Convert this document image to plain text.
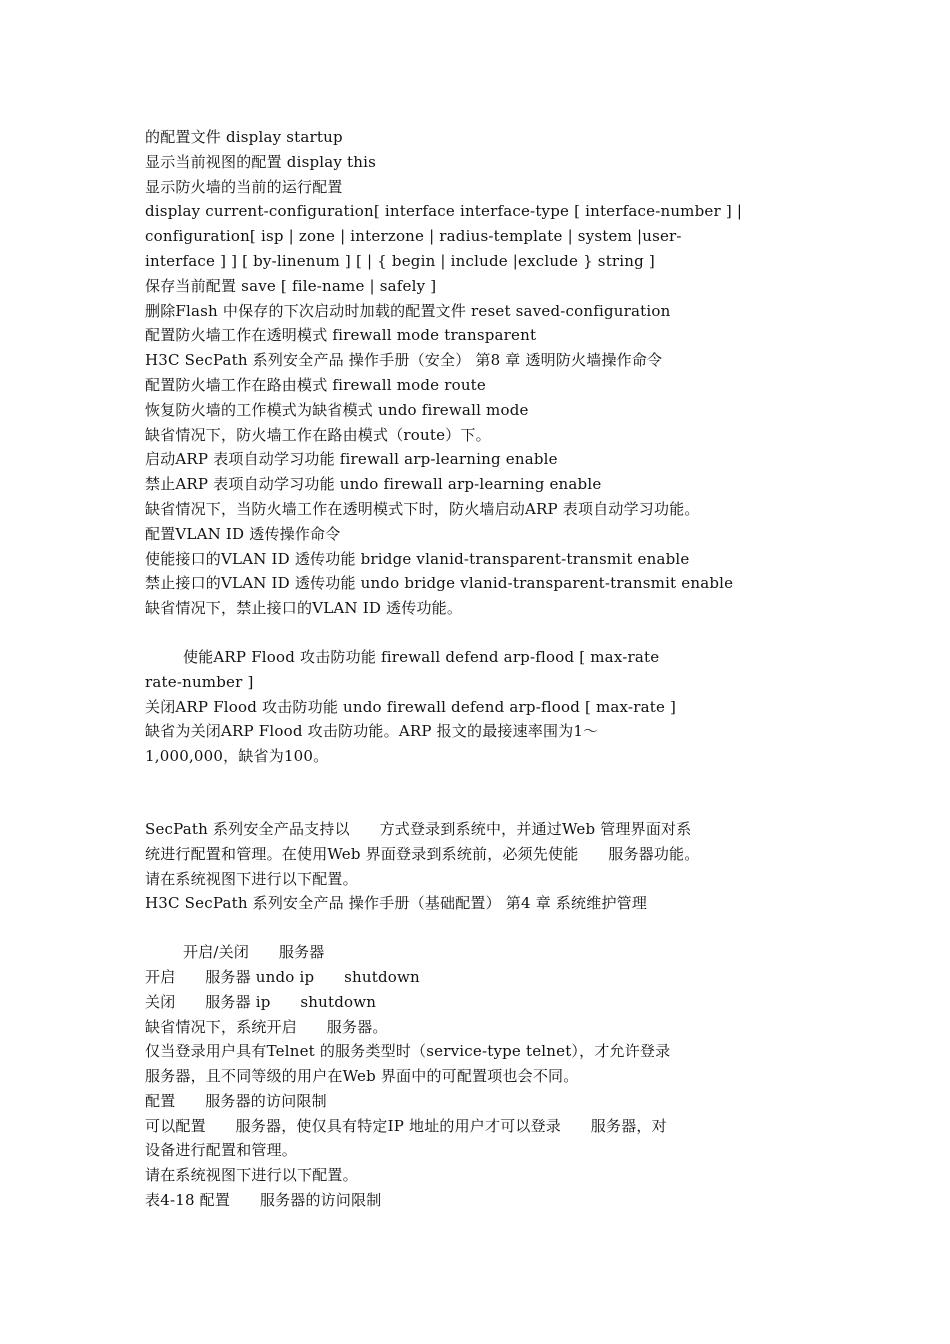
的配置文件 display startup
显示当前视图的配置 display this
显示防火墙的当前的运行配置
display current-configuration[ interface interface-type [ interface-number ] |
configuration[ isp | zone | interzone | radius-template | system |user-
interface ] ] [ by-linenum ] [ | { begin | include |exclude } string ]
保存当前配置 save [ file-name | safely ]
删除Flash 中保存的下次启动时加载的配置文件 reset saved-configuration
配置防火墙工作在透明模式 firewall mode transparent
H3C SecPath 系列安全产品 操作手册（安全） 第8 章 透明防火墙操作命令
配置防火墙工作在路由模式 firewall mode route
恢复防火墙的工作模式为缺省模式 undo firewall mode
缺省情况下，防火墙工作在路由模式（route）下。
启动ARP 表项自动学习功能 firewall arp-learning enable
禁止ARP 表项自动学习功能 undo firewall arp-learning enable
缺省情况下，当防火墙工作在透明模式下时，防火墙启动ARP 表项自动学习功能。
配置VLAN ID 透传操作命令
使能接口的VLAN ID 透传功能 bridge vlanid-transparent-transmit enable
禁止接口的VLAN ID 透传功能 undo bridge vlanid-transparent-transmit enable
缺省情况下，禁止接口的VLAN ID 透传功能。
使能ARP Flood 攻击防功能 firewall defend arp-flood [ max-rate
rate-number ]
关闭ARP Flood 攻击防功能 undo firewall defend arp-flood [ max-rate ]
缺省为关闭ARP Flood 攻击防功能。ARP 报文的最接速率围为1～
1,000,000，缺省为100。
SecPath 系列安全产品支持以      方式登录到系统中，并通过Web 管理界面对系
统进行配置和管理。在使用Web 界面登录到系统前，必须先使能      服务器功能。
请在系统视图下进行以下配置。
H3C SecPath 系列安全产品 操作手册（基础配置） 第4 章 系统维护管理
开启/关闭      服务器
开启      服务器 undo ip      shutdown
关闭      服务器 ip      shutdown
缺省情况下，系统开启      服务器。
仅当登录用户具有Telnet 的服务类型时（service-type telnet），才允许登录
服务器，且不同等级的用户在Web 界面中的可配置项也会不同。
配置      服务器的访问限制
可以配置      服务器，使仅具有特定IP 地址的用户才可以登录      服务器，对
设备进行配置和管理。
请在系统视图下进行以下配置。
表4-18 配置      服务器的访问限制
